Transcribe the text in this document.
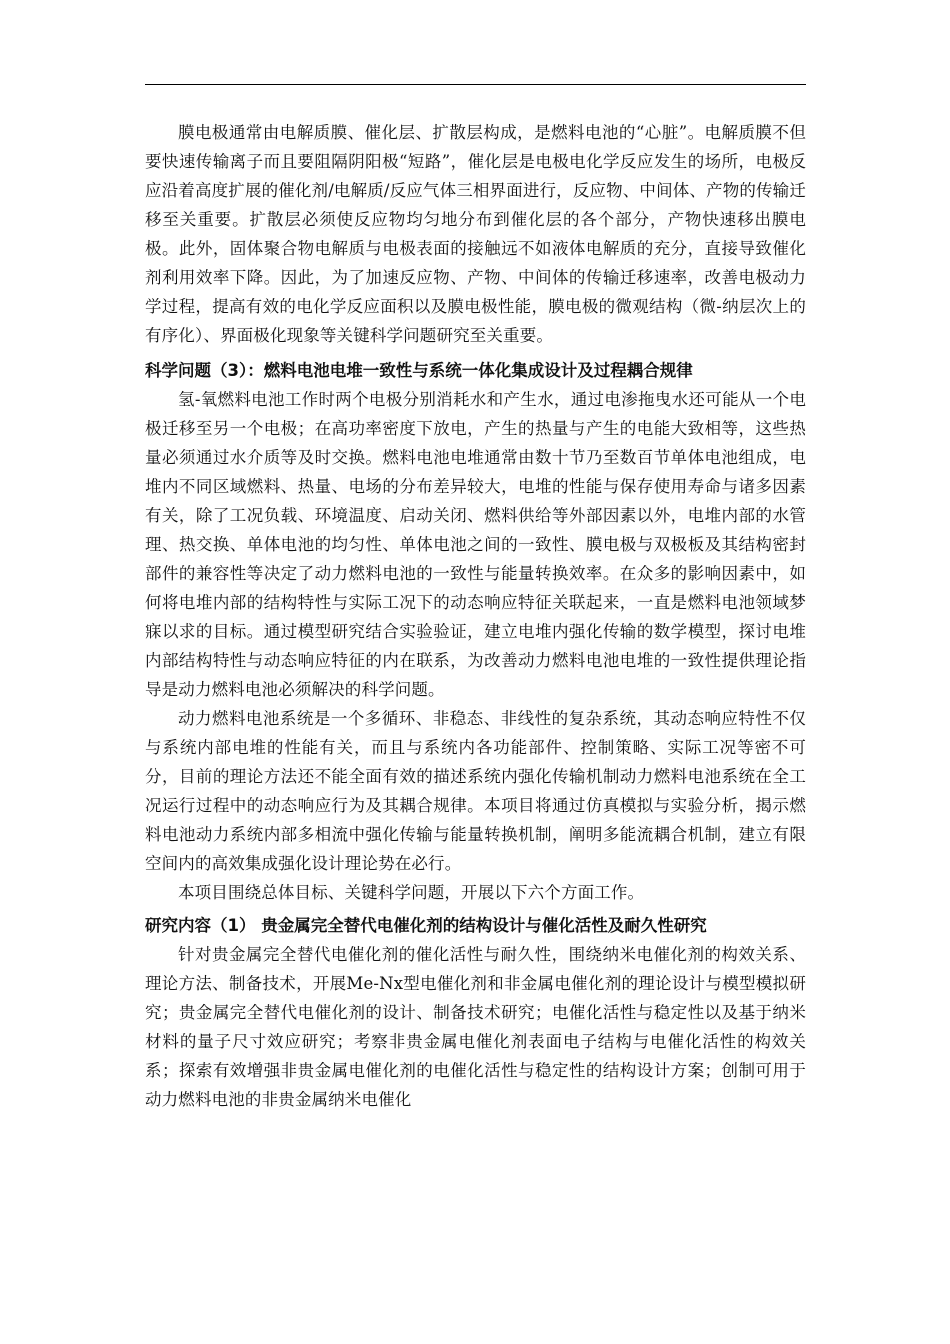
膜电极通常由电解质膜、催化层、扩散层构成，是燃料电池的“心脏”。电解质膜不但要快速传输离子而且要阻隔阴阳极“短路”，催化层是电极电化学反应发生的场所，电极反应沿着高度扩展的催化剂/电解质/反应气体三相界面进行，反应物、中间体、产物的传输迁移至关重要。扩散层必须使反应物均匀地分布到催化层的各个部分，产物快速移出膜电极。此外，固体聚合物电解质与电极表面的接触远不如液体电解质的充分，直接导致催化剂利用效率下降。因此，为了加速反应物、产物、中间体的传输迁移速率，改善电极动力学过程，提高有效的电化学反应面积以及膜电极性能，膜电极的微观结构（微-纳层次上的有序化）、界面极化现象等关键科学问题研究至关重要。

科学问题（3）：燃料电池电堆一致性与系统一体化集成设计及过程耦合规律

氢-氧燃料电池工作时两个电极分别消耗水和产生水，通过电渗拖曳水还可能从一个电极迁移至另一个电极；在高功率密度下放电，产生的热量与产生的电能大致相等，这些热量必须通过水介质等及时交换。燃料电池电堆通常由数十节乃至数百节单体电池组成，电堆内不同区域燃料、热量、电场的分布差异较大，电堆的性能与保存使用寿命与诸多因素有关，除了工况负载、环境温度、启动关闭、燃料供给等外部因素以外，电堆内部的水管理、热交换、单体电池的均匀性、单体电池之间的一致性、膜电极与双极板及其结构密封部件的兼容性等决定了动力燃料电池的一致性与能量转换效率。在众多的影响因素中，如何将电堆内部的结构特性与实际工况下的动态响应特征关联起来，一直是燃料电池领域梦寐以求的目标。通过模型研究结合实验验证，建立电堆内强化传输的数学模型，探讨电堆内部结构特性与动态响应特征的内在联系，为改善动力燃料电池电堆的一致性提供理论指导是动力燃料电池必须解决的科学问题。

动力燃料电池系统是一个多循环、非稳态、非线性的复杂系统，其动态响应特性不仅与系统内部电堆的性能有关，而且与系统内各功能部件、控制策略、实际工况等密不可分，目前的理论方法还不能全面有效的描述系统内强化传输机制动力燃料电池系统在全工况运行过程中的动态响应行为及其耦合规律。本项目将通过仿真模拟与实验分析，揭示燃料电池动力系统内部多相流中强化传输与能量转换机制，阐明多能流耦合机制，建立有限空间内的高效集成强化设计理论势在必行。

本项目围绕总体目标、关键科学问题，开展以下六个方面工作。

研究内容（1） 贵金属完全替代电催化剂的结构设计与催化活性及耐久性研究

针对贵金属完全替代电催化剂的催化活性与耐久性，围绕纳米电催化剂的构效关系、理论方法、制备技术，开展Me-Nx型电催化剂和非金属电催化剂的理论设计与模型模拟研究；贵金属完全替代电催化剂的设计、制备技术研究；电催化活性与稳定性以及基于纳米材料的量子尺寸效应研究；考察非贵金属电催化剂表面电子结构与电催化活性的构效关系；探索有效增强非贵金属电催化剂的电催化活性与稳定性的结构设计方案；创制可用于动力燃料电池的非贵金属纳米电催化
